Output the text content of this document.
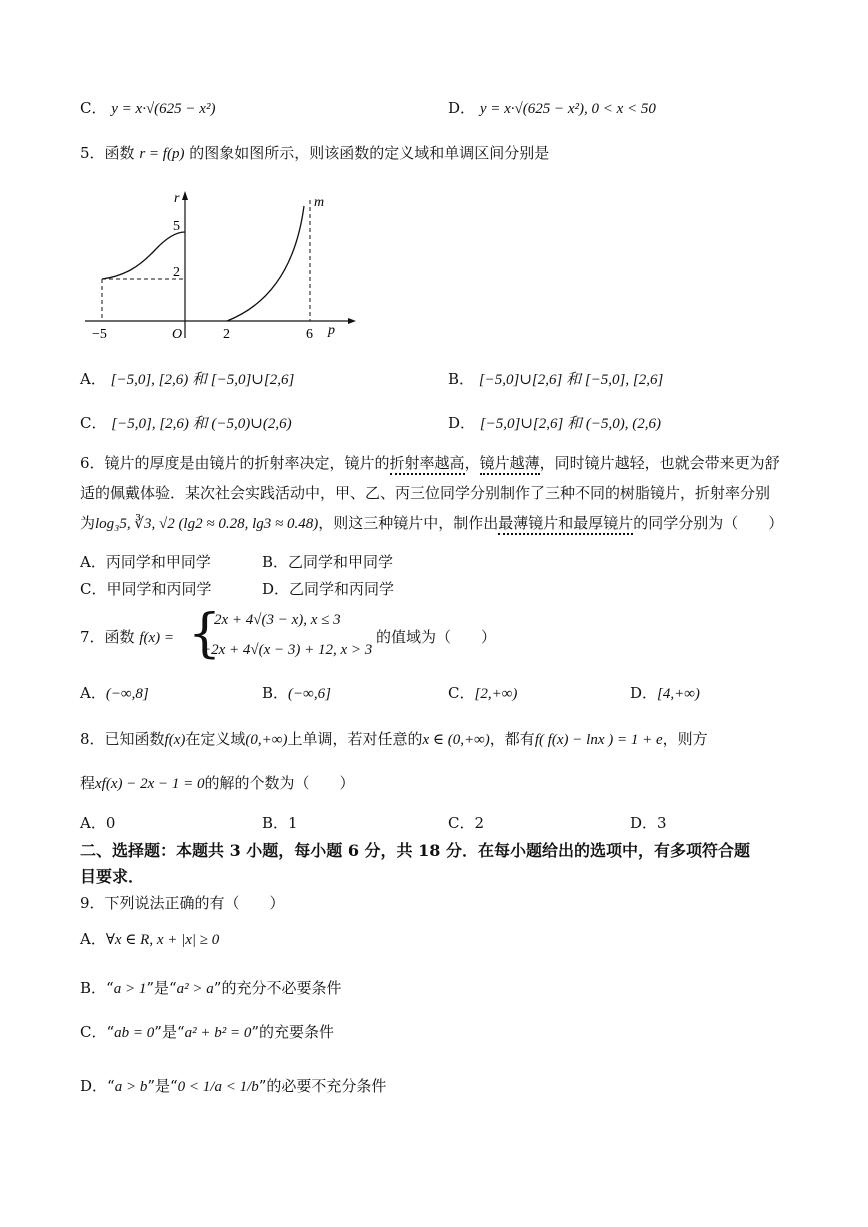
C． y = x·√(625 − x²)	D． y = x·√(625 − x²), 0 < x < 50
5．函数 r = f(p) 的图象如图所示，则该函数的定义域和单调区间分别是
r
p
O
m
−5	2	6
5
2
A． [−5,0], [2,6) 和 [−5,0]∪[2,6]	B． [−5,0]∪[2,6] 和 [−5,0], [2,6]
C． [−5,0], [2,6) 和 (−5,0)∪(2,6)	D． [−5,0]∪[2,6] 和 (−5,0), (2,6)
6．镜片的厚度是由镜片的折射率决定，镜片的折射率越高，镜片越薄，同时镜片越轻，也就会带来更为舒
适的佩戴体验．某次社会实践活动中，甲、乙、丙三位同学分别制作了三种不同的树脂镜片，折射率分别
为log₃5, ∛3, √2 (lg2 ≈ 0.28, lg3 ≈ 0.48)，则这三种镜片中，制作出最薄镜片和最厚镜片的同学分别为（　　）
A．丙同学和甲同学	B．乙同学和甲同学
C．甲同学和丙同学	D．乙同学和丙同学
7．函数 f(x) = {
2x + 4√(3 − x), x ≤ 3
−2x + 4√(x − 3) + 12, x > 3
的值域为（　　）
A．(−∞,8]	B．(−∞,6]	C．[2,+∞)	D．[4,+∞)
8．已知函数f(x)在定义域(0,+∞)上单调，若对任意的x ∈ (0,+∞)，都有f( f(x) − lnx ) = 1 + e，则方
程xf(x) − 2x − 1 = 0的解的个数为（　　）
A．0	B．1	C．2	D．3
二、选择题：本题共 3 小题，每小题 6 分，共 18 分．在每小题给出的选项中，有多项符合题
目要求．
9．下列说法正确的有（　　）
A．∀x ∈ R, x + |x| ≥ 0
B．“a > 1”是“a² > a”的充分不必要条件
C．“ab = 0”是“a² + b² = 0”的充要条件
D．“a > b”是“0 < 1/a < 1/b”的必要不充分条件
